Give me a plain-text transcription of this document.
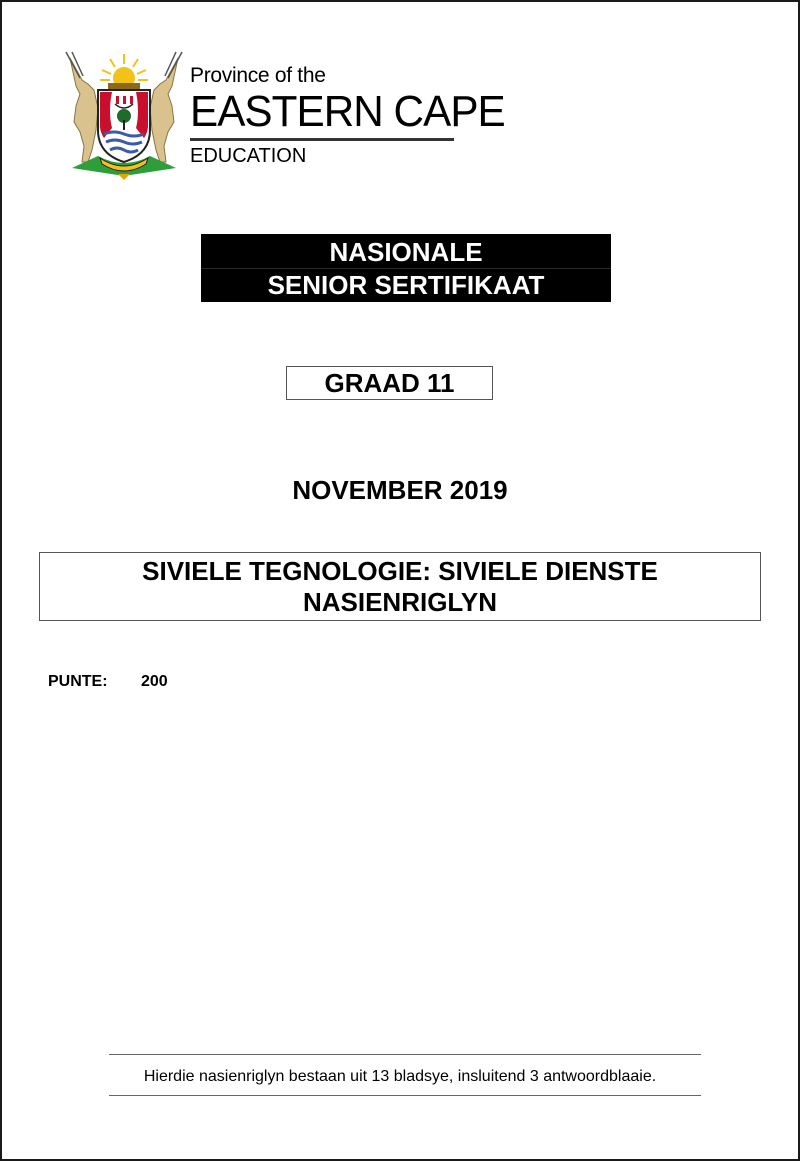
Province of the
EASTERN CAPE
EDUCATION
NASIONALE
SENIOR SERTIFIKAAT
GRAAD 11
NOVEMBER 2019
SIVIELE TEGNOLOGIE: SIVIELE DIENSTE
NASIENRIGLYN
PUNTE: 200
Hierdie nasienriglyn bestaan uit 13 bladsye, insluitend 3 antwoordblaaie.
